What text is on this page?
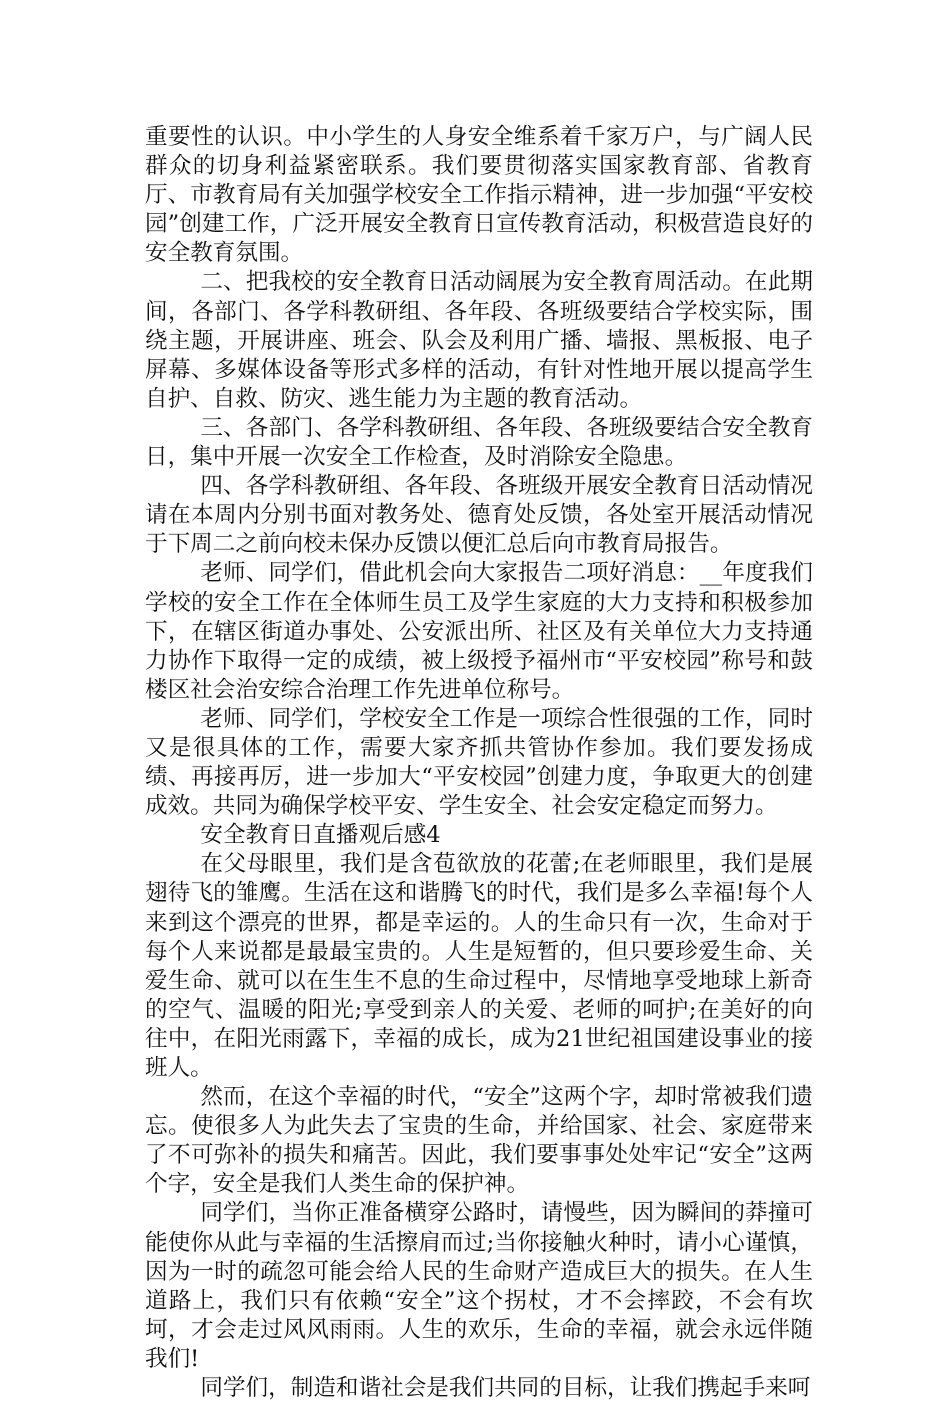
重要性的认识。中小学生的人身安全维系着千家万户，与广阔人民群众的切身利益紧密联系。我们要贯彻落实国家教育部、省教育厅、市教育局有关加强学校安全工作指示精神，进一步加强“平安校园”创建工作，广泛开展安全教育日宣传教育活动，积极营造良好的安全教育氛围。

二、把我校的安全教育日活动阔展为安全教育周活动。在此期间，各部门、各学科教研组、各年段、各班级要结合学校实际，围绕主题，开展讲座、班会、队会及利用广播、墙报、黑板报、电子屏幕、多媒体设备等形式多样的活动，有针对性地开展以提高学生自护、自救、防灾、逃生能力为主题的教育活动。

三、各部门、各学科教研组、各年段、各班级要结合安全教育日，集中开展一次安全工作检查，及时消除安全隐患。

四、各学科教研组、各年段、各班级开展安全教育日活动情况请在本周内分别书面对教务处、德育处反馈，各处室开展活动情况于下周二之前向校未保办反馈以便汇总后向市教育局报告。

老师、同学们，借此机会向大家报告二项好消息：__年度我们学校的安全工作在全体师生员工及学生家庭的大力支持和积极参加下，在辖区街道办事处、公安派出所、社区及有关单位大力支持通力协作下取得一定的成绩，被上级授予福州市“平安校园”称号和鼓楼区社会治安综合治理工作先进单位称号。

老师、同学们，学校安全工作是一项综合性很强的工作，同时又是很具体的工作，需要大家齐抓共管协作参加。我们要发扬成绩、再接再厉，进一步加大“平安校园”创建力度，争取更大的创建成效。共同为确保学校平安、学生安全、社会安定稳定而努力。

安全教育日直播观后感4

在父母眼里，我们是含苞欲放的花蕾;在老师眼里，我们是展翅待飞的雏鹰。生活在这和谐腾飞的时代，我们是多么幸福!每个人来到这个漂亮的世界，都是幸运的。人的生命只有一次，生命对于每个人来说都是最最宝贵的。人生是短暂的，但只要珍爱生命、关爱生命、就可以在生生不息的生命过程中，尽情地享受地球上新奇的空气、温暖的阳光;享受到亲人的关爱、老师的呵护;在美好的向往中，在阳光雨露下，幸福的成长，成为21世纪祖国建设事业的接班人。

然而，在这个幸福的时代，“安全”这两个字，却时常被我们遗忘。使很多人为此失去了宝贵的生命，并给国家、社会、家庭带来了不可弥补的损失和痛苦。因此，我们要事事处处牢记“安全”这两个字，安全是我们人类生命的保护神。

同学们，当你正准备横穿公路时，请慢些，因为瞬间的莽撞可能使你从此与幸福的生活擦肩而过;当你接触火种时，请小心谨慎，因为一时的疏忽可能会给人民的生命财产造成巨大的损失。在人生道路上，我们只有依赖“安全”这个拐杖，才不会摔跤，不会有坎坷，才会走过风风雨雨。人生的欢乐，生命的幸福，就会永远伴随我们!

同学们，制造和谐社会是我们共同的目标，让我们携起手来呵
